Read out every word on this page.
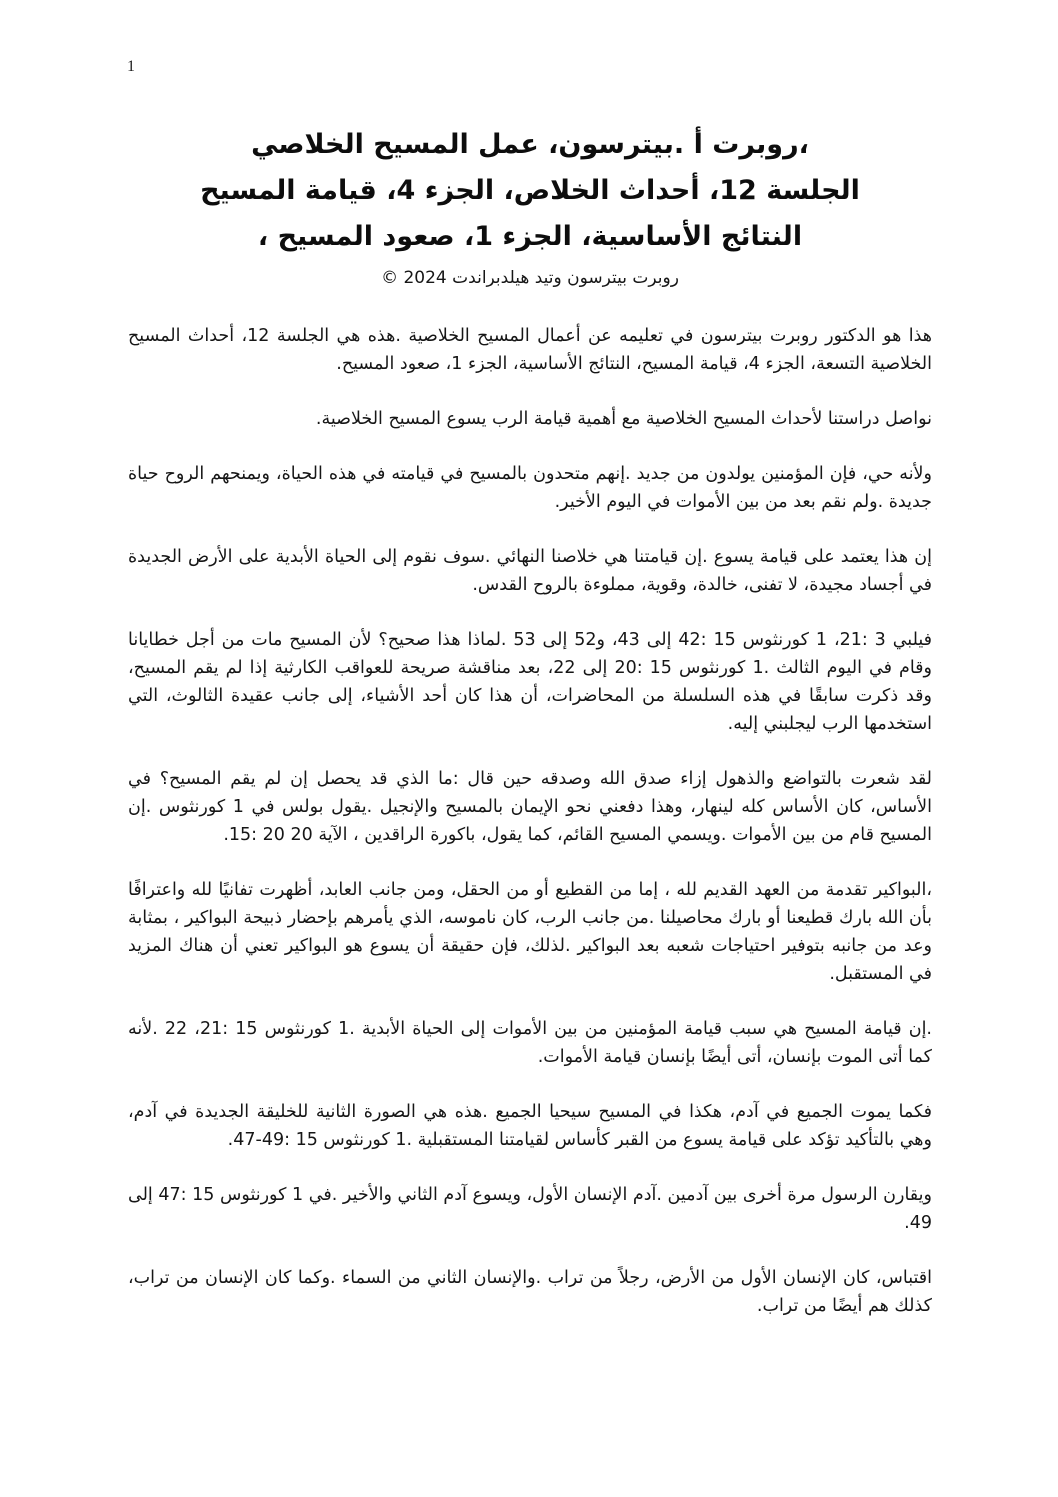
1
،روبرت أ .بيترسون، عمل المسيح الخلاصي
الجلسة 12، أحداث الخلاص، الجزء 4، قيامة المسيح
النتائج الأساسية، الجزء 1، صعود المسيح ،
روبرت بيترسون وتيد هيلدبراندت 2024 ©

هذا هو الدكتور روبرت بيترسون في تعليمه عن أعمال المسيح الخلاصية .هذه هي الجلسة 12، أحداث المسيح الخلاصية التسعة، الجزء 4، قيامة المسيح، النتائج الأساسية، الجزء 1، صعود المسيح.

نواصل دراستنا لأحداث المسيح الخلاصية مع أهمية قيامة الرب يسوع المسيح الخلاصية.

ولأنه حي، فإن المؤمنين يولدون من جديد .إنهم متحدون بالمسيح في قيامته في هذه الحياة، ويمنحهم الروح حياة جديدة .ولم نقم بعد من بين الأموات في اليوم الأخير.

إن هذا يعتمد على قيامة يسوع .إن قيامتنا هي خلاصنا النهائي .سوف نقوم إلى الحياة الأبدية على الأرض الجديدة في أجساد مجيدة، لا تفنى، خالدة، وقوية، مملوءة بالروح القدس.

فيلبي 3 :21، 1 كورنثوس 15 :42 إلى 43، و52 إلى 53 .لماذا هذا صحيح؟ لأن المسيح مات من أجل خطايانا وقام في اليوم الثالث .1 كورنثوس 15 :20 إلى 22، بعد مناقشة صريحة للعواقب الكارثية إذا لم يقم المسيح، وقد ذكرت سابقًا في هذه السلسلة من المحاضرات، أن هذا كان أحد الأشياء، إلى جانب عقيدة الثالوث، التي استخدمها الرب ليجلبني إليه.

لقد شعرت بالتواضع والذهول إزاء صدق الله وصدقه حين قال :ما الذي قد يحصل إن لم يقم المسيح؟ في الأساس، كان الأساس كله لينهار، وهذا دفعني نحو الإيمان بالمسيح والإنجيل .يقول بولس في 1 كورنثوس .إن المسيح قام من بين الأموات .ويسمي المسيح القائم، كما يقول، باكورة الراقدين ، الآية 20 20 :15.

،البواكير تقدمة من العهد القديم لله ، إما من القطيع أو من الحقل، ومن جانب العابد، أظهرت تفانيًا لله واعترافًا بأن الله بارك قطيعنا أو بارك محاصيلنا .من جانب الرب، كان ناموسه، الذي يأمرهم بإحضار ذبيحة البواكير ، بمثابة وعد من جانبه بتوفير احتياجات شعبه بعد البواكير .لذلك، فإن حقيقة أن يسوع هو البواكير تعني أن هناك المزيد في المستقبل.

.إن قيامة المسيح هي سبب قيامة المؤمنين من بين الأموات إلى الحياة الأبدية .1 كورنثوس 15 :21، 22 .لأنه كما أتى الموت بإنسان، أتى أيضًا بإنسان قيامة الأموات.

فكما يموت الجميع في آدم، هكذا في المسيح سيحيا الجميع .هذه هي الصورة الثانية للخليقة الجديدة في آدم، وهي بالتأكيد تؤكد على قيامة يسوع من القبر كأساس لقيامتنا المستقبلية .1 كورنثوس 15 :49-47.

ويقارن الرسول مرة أخرى بين آدمين .آدم الإنسان الأول، ويسوع آدم الثاني والأخير .في 1 كورنثوس 15 :47 إلى 49.

اقتباس، كان الإنسان الأول من الأرض، رجلاً من تراب .والإنسان الثاني من السماء .وكما كان الإنسان من تراب، كذلك هم أيضًا من تراب.
